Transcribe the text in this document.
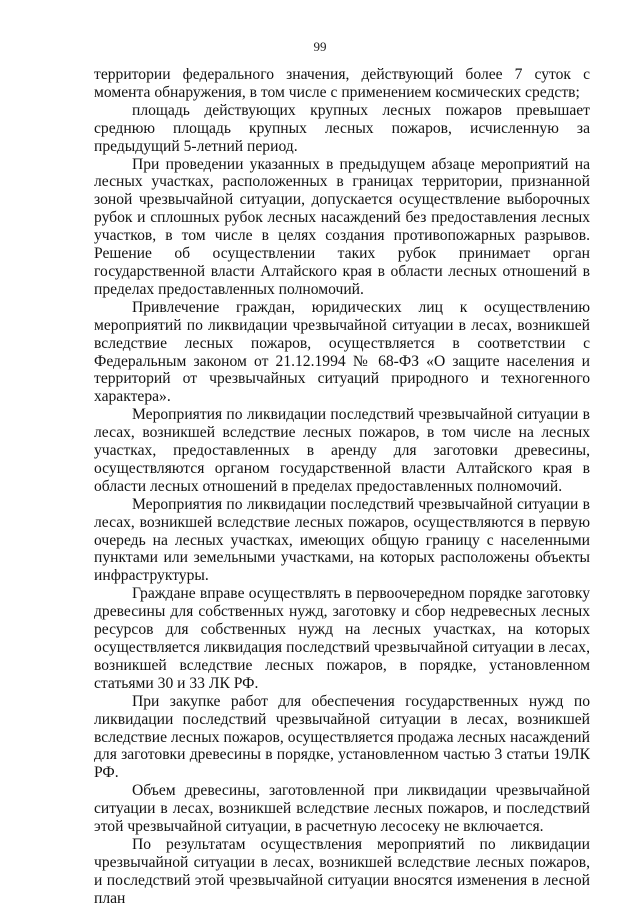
99

территории федерального значения, действующий более 7 суток с момента обнаружения, в том числе с применением космических средств;

площадь действующих крупных лесных пожаров превышает среднюю площадь крупных лесных пожаров, исчисленную за предыдущий 5-летний период.

При проведении указанных в предыдущем абзаце мероприятий на лесных участках, расположенных в границах территории, признанной зоной чрезвычайной ситуации, допускается осуществление выборочных рубок и сплошных рубок лесных насаждений без предоставления лесных участков, в том числе в целях создания противопожарных разрывов. Решение об осуществлении таких рубок принимает орган государственной власти Алтайского края в области лесных отношений в пределах предоставленных полномочий.

Привлечение граждан, юридических лиц к осуществлению мероприятий по ликвидации чрезвычайной ситуации в лесах, возникшей вследствие лесных пожаров, осуществляется в соответствии с Федеральным законом от 21.12.1994 № 68-ФЗ «О защите населения и территорий от чрезвычайных ситуаций природного и техногенного характера».

Мероприятия по ликвидации последствий чрезвычайной ситуации в лесах, возникшей вследствие лесных пожаров, в том числе на лесных участках, предоставленных в аренду для заготовки древесины, осуществляются органом государственной власти Алтайского края в области лесных отношений в пределах предоставленных полномочий.

Мероприятия по ликвидации последствий чрезвычайной ситуации в лесах, возникшей вследствие лесных пожаров, осуществляются в первую очередь на лесных участках, имеющих общую границу с населенными пунктами или земельными участками, на которых расположены объекты инфраструктуры.

Граждане вправе осуществлять в первоочередном порядке заготовку древесины для собственных нужд, заготовку и сбор недревесных лесных ресурсов для собственных нужд на лесных участках, на которых осуществляется ликвидация последствий чрезвычайной ситуации в лесах, возникшей вследствие лесных пожаров, в порядке, установленном статьями 30 и 33 ЛК РФ.

При закупке работ для обеспечения государственных нужд по ликвидации последствий чрезвычайной ситуации в лесах, возникшей вследствие лесных пожаров, осуществляется продажа лесных насаждений для заготовки древесины в порядке, установленном частью 3 статьи 19ЛК РФ.

Объем древесины, заготовленной при ликвидации чрезвычайной ситуации в лесах, возникшей вследствие лесных пожаров, и последствий этой чрезвычайной ситуации, в расчетную лесосеку не включается.

По результатам осуществления мероприятий по ликвидации чрезвычайной ситуации в лесах, возникшей вследствие лесных пожаров, и последствий этой чрезвычайной ситуации вносятся изменения в лесной план
